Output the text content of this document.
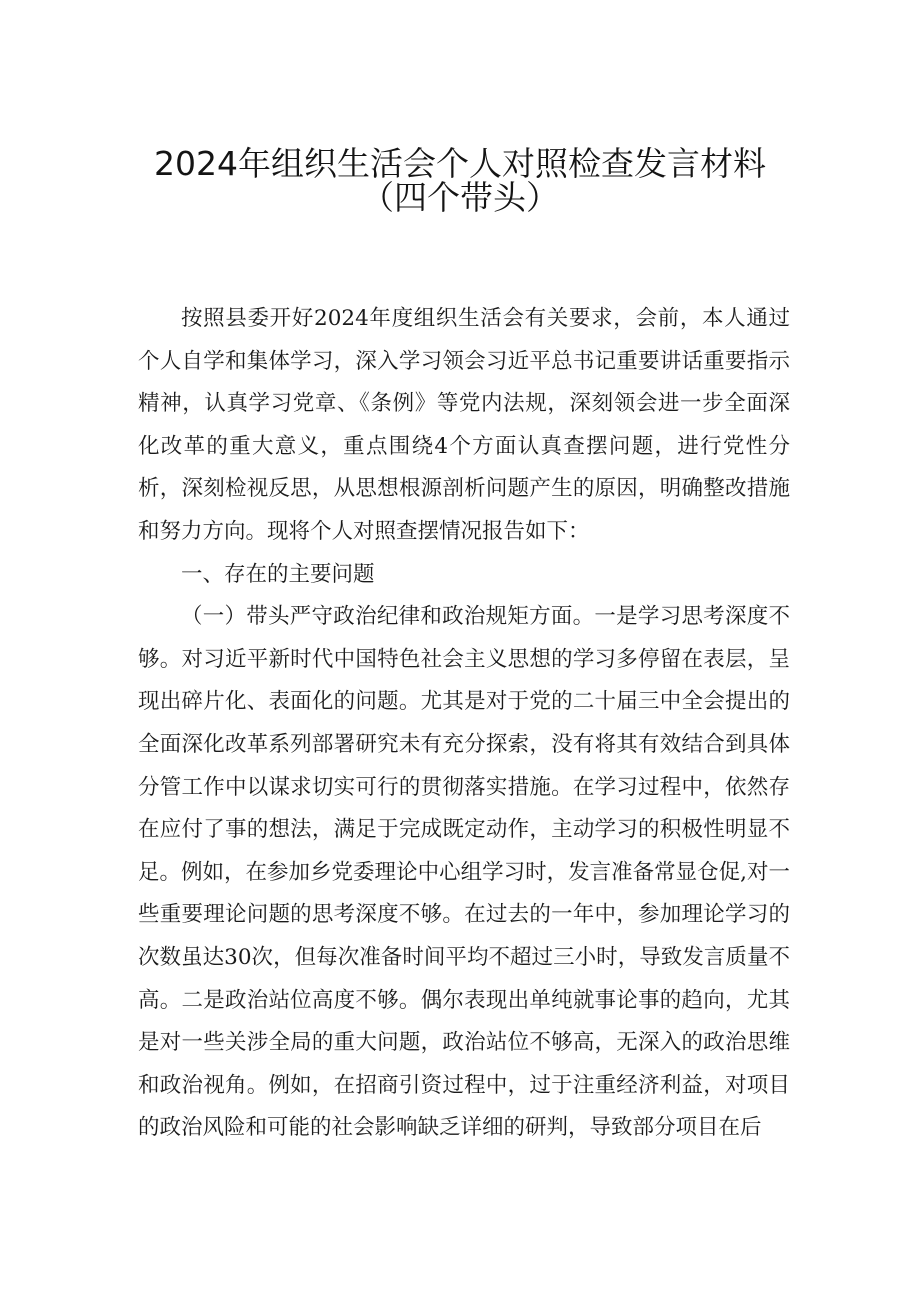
2024年组织生活会个人对照检查发言材料
（四个带头）

按照县委开好2024年度组织生活会有关要求，会前，本人通过个人自学和集体学习，深入学习领会习近平总书记重要讲话重要指示精神，认真学习党章、《条例》等党内法规，深刻领会进一步全面深化改革的重大意义，重点围绕4个方面认真查摆问题，进行党性分析，深刻检视反思，从思想根源剖析问题产生的原因，明确整改措施和努力方向。现将个人对照查摆情况报告如下：

一、存在的主要问题

（一）带头严守政治纪律和政治规矩方面。一是学习思考深度不够。对习近平新时代中国特色社会主义思想的学习多停留在表层，呈现出碎片化、表面化的问题。尤其是对于党的二十届三中全会提出的全面深化改革系列部署研究未有充分探索，没有将其有效结合到具体分管工作中以谋求切实可行的贯彻落实措施。在学习过程中，依然存在应付了事的想法，满足于完成既定动作，主动学习的积极性明显不足。例如，在参加乡党委理论中心组学习时，发言准备常显仓促,对一些重要理论问题的思考深度不够。在过去的一年中，参加理论学习的次数虽达30次，但每次准备时间平均不超过三小时，导致发言质量不高。二是政治站位高度不够。偶尔表现出单纯就事论事的趋向，尤其是对一些关涉全局的重大问题，政治站位不够高，无深入的政治思维和政治视角。例如，在招商引资过程中，过于注重经济利益，对项目的政治风险和可能的社会影响缺乏详细的研判，导致部分项目在后
